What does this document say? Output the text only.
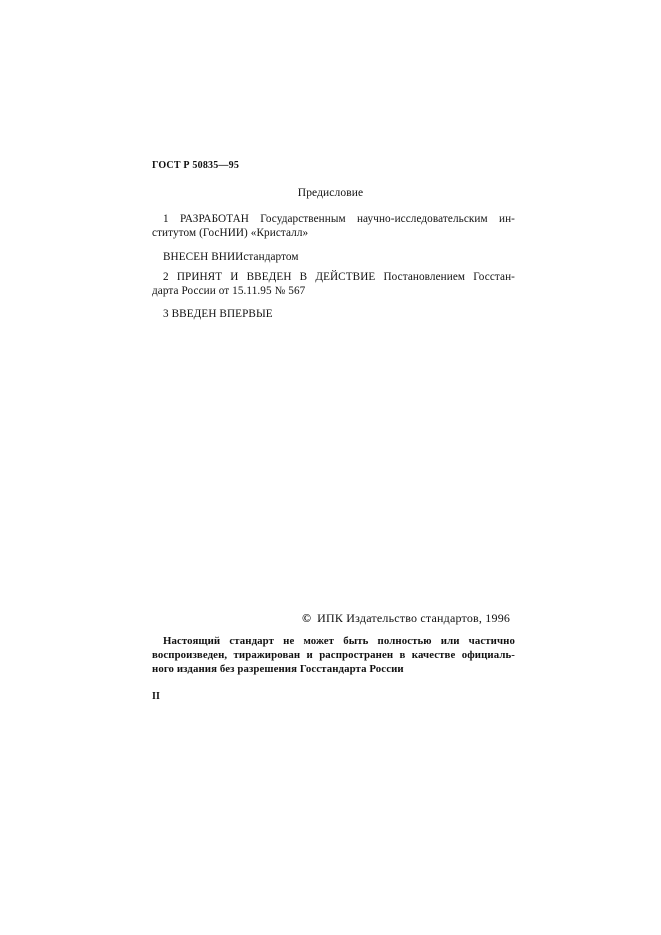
ГОСТ Р 50835—95
Предисловие
1 РАЗРАБОТАН Государственным научно-исследовательским ин-
ститутом (ГосНИИ) «Кристалл»
ВНЕСЕН ВНИИстандартом
2 ПРИНЯТ И ВВЕДЕН В ДЕЙСТВИЕ Постановлением Госстан-
дарта России от 15.11.95 № 567
3 ВВЕДЕН ВПЕРВЫЕ
© ИПК Издательство стандартов, 1996
Настоящий стандарт не может быть полностью или частично
воспроизведен, тиражирован и распространен в качестве официаль-
ного издания без разрешения Госстандарта России
II
